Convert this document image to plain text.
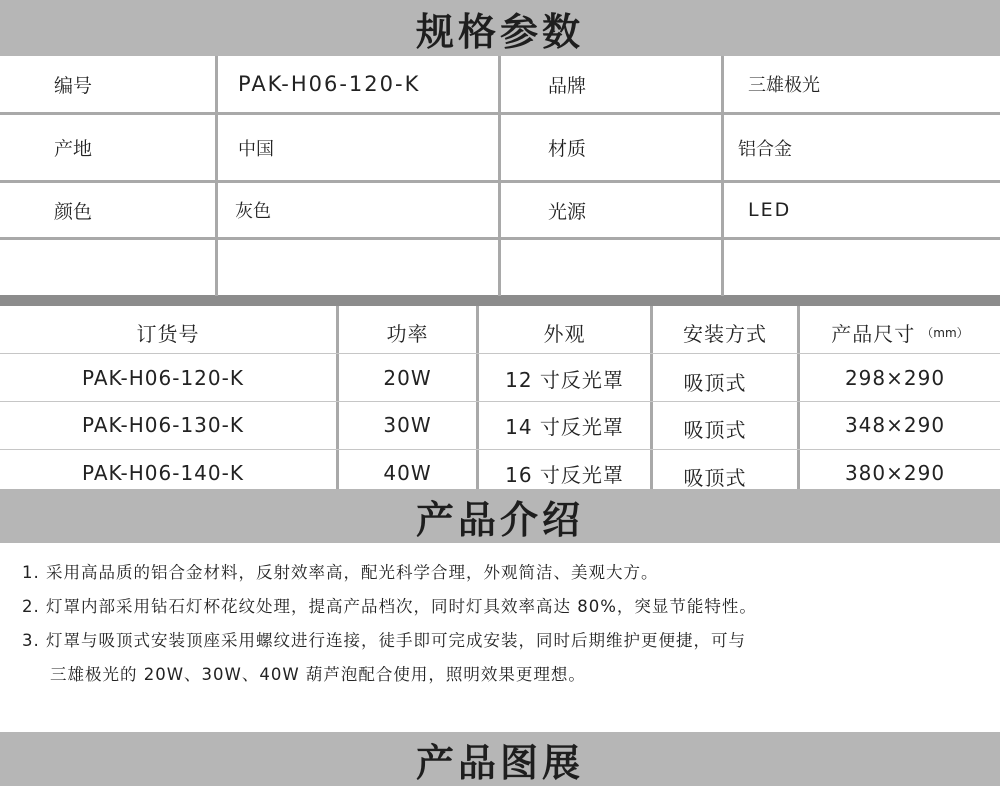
规格参数
编号	PAK-H06-120-K	品牌	三雄极光
产地	中国	材质	铝合金
颜色	灰色	光源	LED
订货号	功率	外观	安装方式	产品尺寸 （mm）
PAK-H06-120-K	20W	12 寸反光罩	吸顶式	298×290
PAK-H06-130-K	30W	14 寸反光罩	吸顶式	348×290
PAK-H06-140-K	40W	16 寸反光罩	吸顶式	380×290
产品介绍

1. 采用高品质的铝合金材料，反射效率高，配光科学合理，外观简洁、美观大方。

2. 灯罩内部采用钻石灯杯花纹处理，提高产品档次，同时灯具效率高达 80%，突显节能特性。

3. 灯罩与吸顶式安装顶座采用螺纹进行连接，徒手即可完成安装，同时后期维护更便捷，可与

三雄极光的 20W、30W、40W 葫芦泡配合使用，照明效果更理想。

产品图展
